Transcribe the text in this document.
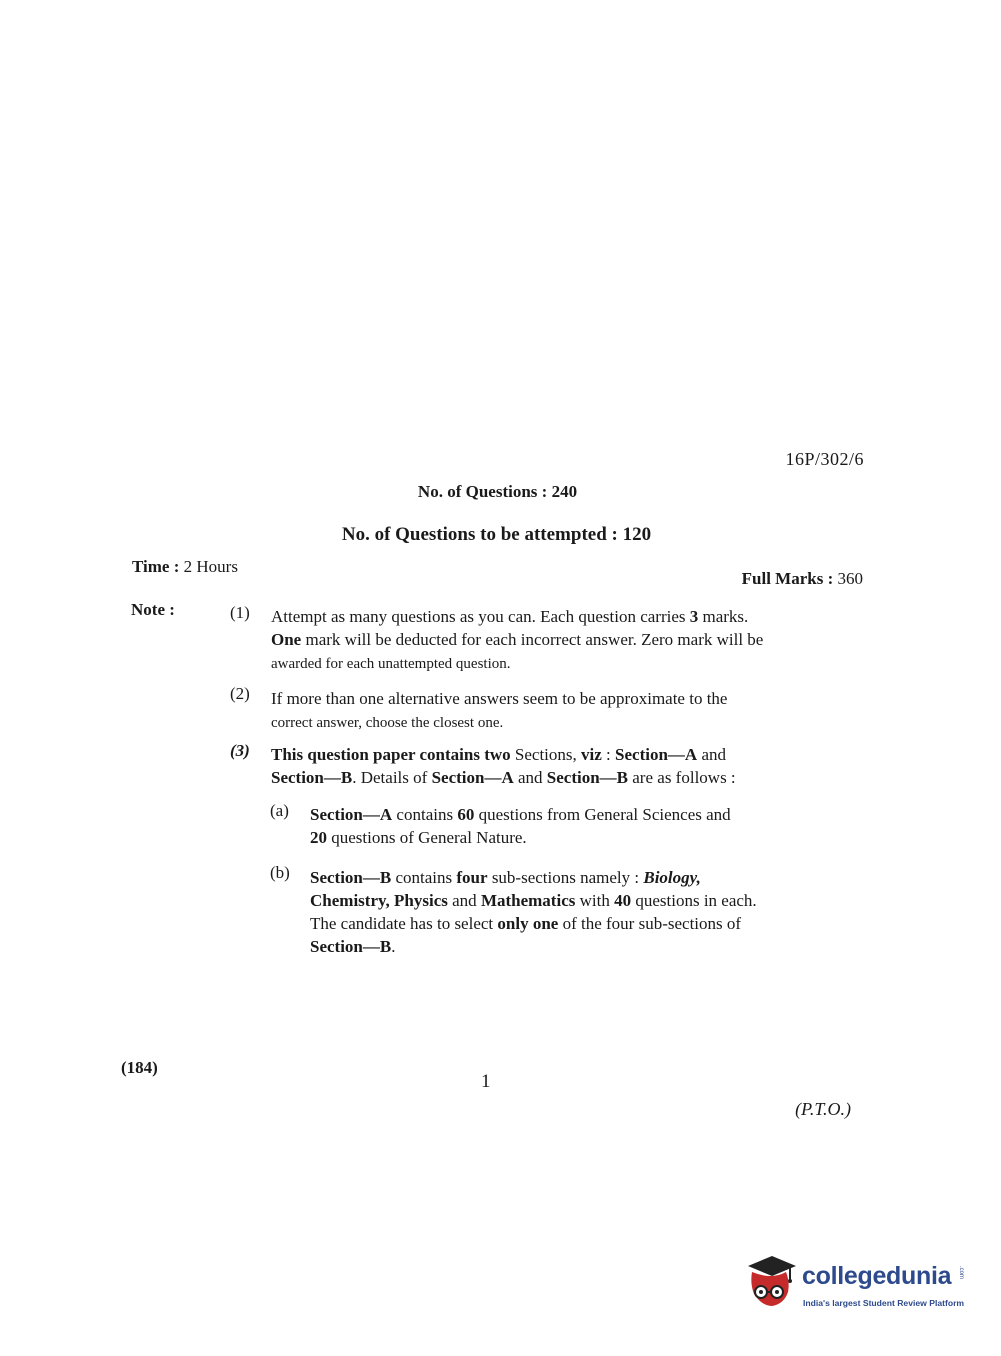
16P/302/6
No. of Questions : 240
No. of Questions to be attempted : 120
Time : 2 Hours
Full Marks : 360
Note :	(1) Attempt as many questions as you can. Each question carries 3 marks.
One mark will be deducted for each incorrect answer. Zero mark will be
awarded for each unattempted question.
(2) If more than one alternative answers seem to be approximate to the
correct answer, choose the closest one.
(3) This question paper contains two Sections, viz : Section—A and
Section—B. Details of Section—A and Section—B are as follows :
(a) Section—A contains 60 questions from General Sciences and
20 questions of General Nature.
(b) Section—B contains four sub-sections namely : Biology,
Chemistry, Physics and Mathematics with 40 questions in each.
The candidate has to select only one of the four sub-sections of
Section—B.
(184)
1
(P.T.O.)
collegedunia .com
India's largest Student Review Platform
